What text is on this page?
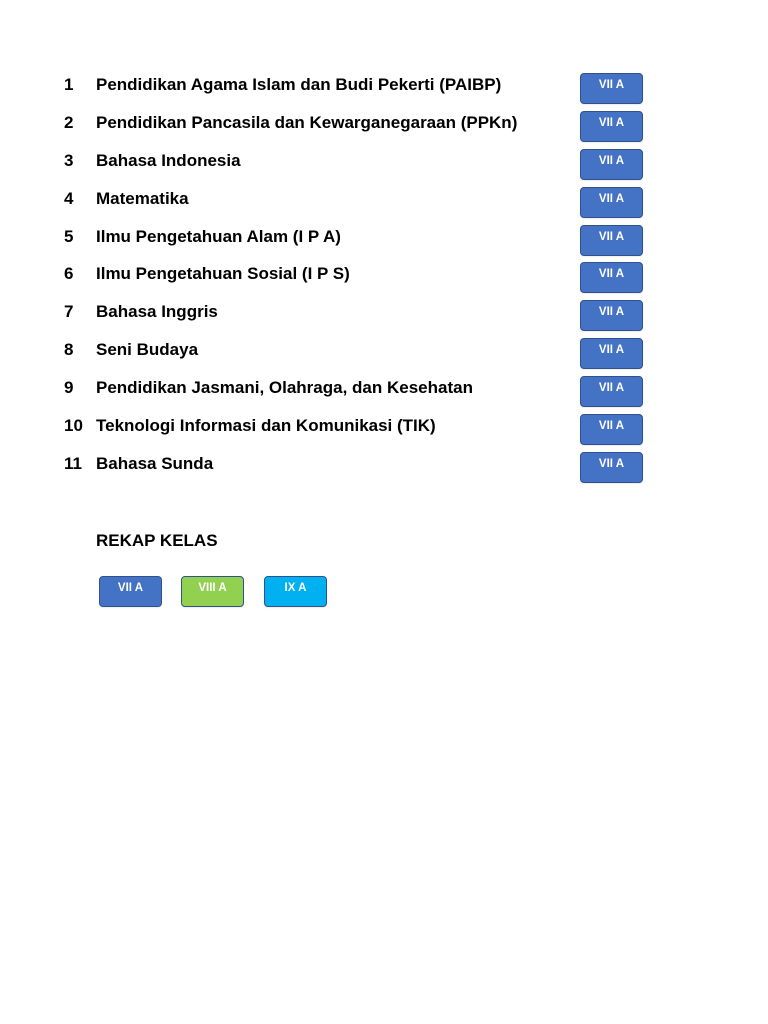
1 Pendidikan Agama Islam dan Budi Pekerti (PAIBP)	VII A
2 Pendidikan Pancasila dan Kewarganegaraan (PPKn)	VII A
3 Bahasa Indonesia	VII A
4 Matematika	VII A
5 Ilmu Pengetahuan Alam (I P A)	VII A
6 Ilmu Pengetahuan Sosial (I P S)	VII A
7 Bahasa Inggris	VII A
8 Seni Budaya	VII A
9 Pendidikan Jasmani, Olahraga, dan Kesehatan	VII A
10 Teknologi Informasi dan Komunikasi (TIK)	VII A
11 Bahasa Sunda	VII A
REKAP KELAS
VII A	VIII A	IX A
